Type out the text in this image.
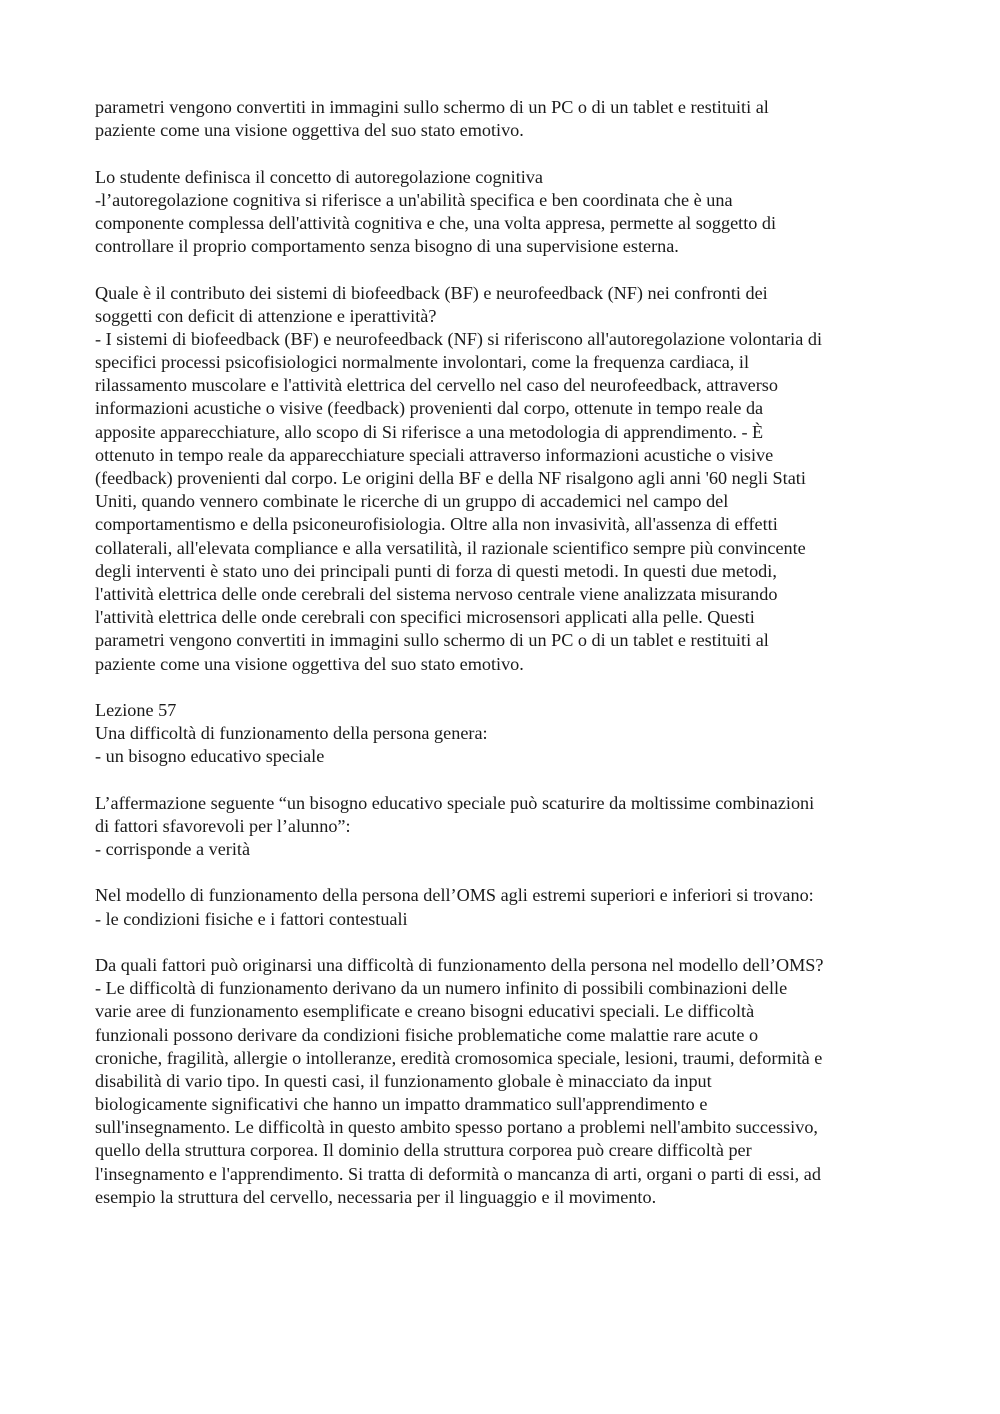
parametri vengono convertiti in immagini sullo schermo di un PC o di un tablet e restituiti al
paziente come una visione oggettiva del suo stato emotivo.
Lo studente definisca il concetto di autoregolazione cognitiva
-l’autoregolazione cognitiva si riferisce a un'abilità specifica e ben coordinata che è una
componente complessa dell'attività cognitiva e che, una volta appresa, permette al soggetto di
controllare il proprio comportamento senza bisogno di una supervisione esterna.
Quale è il contributo dei sistemi di biofeedback (BF) e neurofeedback (NF) nei confronti dei
soggetti con deficit di attenzione e iperattività?
- I sistemi di biofeedback (BF) e neurofeedback (NF) si riferiscono all'autoregolazione volontaria di
specifici processi psicofisiologici normalmente involontari, come la frequenza cardiaca, il
rilassamento muscolare e l'attività elettrica del cervello nel caso del neurofeedback, attraverso
informazioni acustiche o visive (feedback) provenienti dal corpo, ottenute in tempo reale da
apposite apparecchiature, allo scopo di Si riferisce a una metodologia di apprendimento. - È
ottenuto in tempo reale da apparecchiature speciali attraverso informazioni acustiche o visive
(feedback) provenienti dal corpo. Le origini della BF e della NF risalgono agli anni '60 negli Stati
Uniti, quando vennero combinate le ricerche di un gruppo di accademici nel campo del
comportamentismo e della psiconeurofisiologia. Oltre alla non invasività, all'assenza di effetti
collaterali, all'elevata compliance e alla versatilità, il razionale scientifico sempre più convincente
degli interventi è stato uno dei principali punti di forza di questi metodi. In questi due metodi,
l'attività elettrica delle onde cerebrali del sistema nervoso centrale viene analizzata misurando
l'attività elettrica delle onde cerebrali con specifici microsensori applicati alla pelle. Questi
parametri vengono convertiti in immagini sullo schermo di un PC o di un tablet e restituiti al
paziente come una visione oggettiva del suo stato emotivo.
Lezione 57
Una difficoltà di funzionamento della persona genera:
- un bisogno educativo speciale
L’affermazione seguente “un bisogno educativo speciale può scaturire da moltissime combinazioni
di fattori sfavorevoli per l’alunno”:
- corrisponde a verità
Nel modello di funzionamento della persona dell’OMS agli estremi superiori e inferiori si trovano:
- le condizioni fisiche e i fattori contestuali
Da quali fattori può originarsi una difficoltà di funzionamento della persona nel modello dell’OMS?
- Le difficoltà di funzionamento derivano da un numero infinito di possibili combinazioni delle
varie aree di funzionamento esemplificate e creano bisogni educativi speciali. Le difficoltà
funzionali possono derivare da condizioni fisiche problematiche come malattie rare acute o
croniche, fragilità, allergie o intolleranze, eredità cromosomica speciale, lesioni, traumi, deformità e
disabilità di vario tipo. In questi casi, il funzionamento globale è minacciato da input
biologicamente significativi che hanno un impatto drammatico sull'apprendimento e
sull'insegnamento. Le difficoltà in questo ambito spesso portano a problemi nell'ambito successivo,
quello della struttura corporea. Il dominio della struttura corporea può creare difficoltà per
l'insegnamento e l'apprendimento. Si tratta di deformità o mancanza di arti, organi o parti di essi, ad
esempio la struttura del cervello, necessaria per il linguaggio e il movimento.
